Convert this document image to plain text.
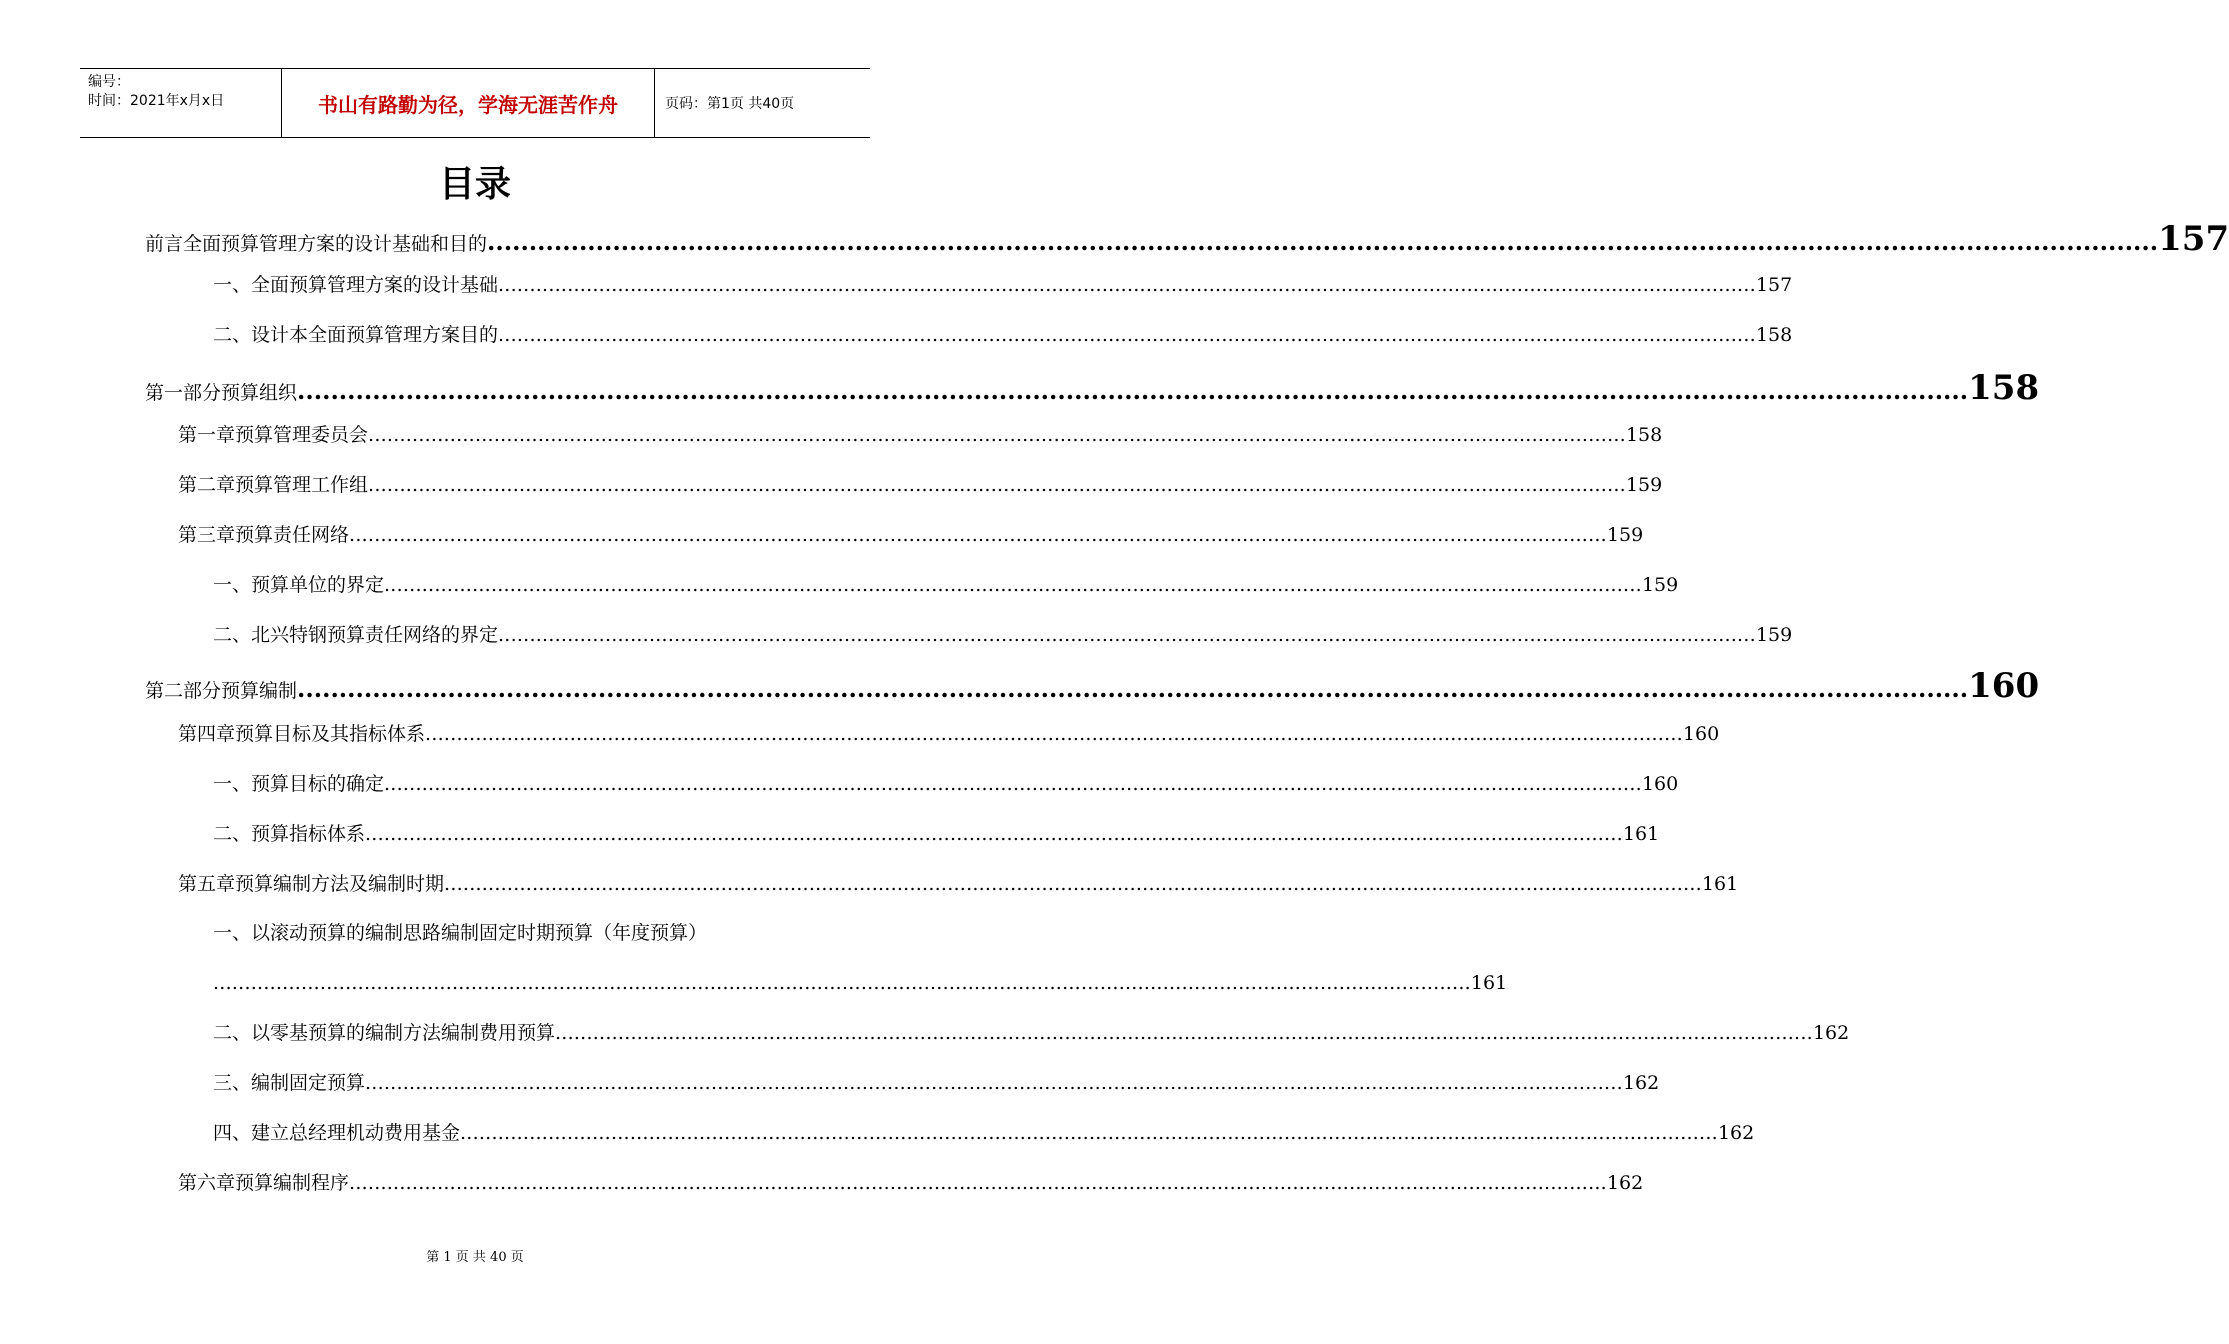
编号：
时间：2021年x月x日	书山有路勤为径，学海无涯苦作舟	页码：第1页 共40页
目录
前言 全面预算管理方案的设计基础和目的 ........................................................................................................................................................................................................ 157
一、全面预算管理方案的设计基础 ........................................................................................................................................................................................................ 157
二、设计本全面预算管理方案目的 ........................................................................................................................................................................................................ 158
第一部分 预算组织 ........................................................................................................................................................................................................ 158
第一章 预算管理委员会 ........................................................................................................................................................................................................ 158
第二章 预算管理工作组 ........................................................................................................................................................................................................ 159
第三章 预算责任网络 ........................................................................................................................................................................................................ 159
一、预算单位的界定 ........................................................................................................................................................................................................ 159
二、北兴特钢预算责任网络的界定 ........................................................................................................................................................................................................ 159
第二部分 预算编制 ........................................................................................................................................................................................................ 160
第四章 预算目标及其指标体系 ........................................................................................................................................................................................................ 160
一、预算目标的确定 ........................................................................................................................................................................................................ 160
二、预算指标体系 ........................................................................................................................................................................................................ 161
第五章 预算编制方法及编制时期 ........................................................................................................................................................................................................ 161
一、以滚动预算的编制思路编制固定时期预算（年度预算）
........................................................................................................................................................................................................ 161
二、以零基预算的编制方法编制费用预算 ........................................................................................................................................................................................................ 162
三、编制固定预算 ........................................................................................................................................................................................................ 162
四、建立总经理机动费用基金 ........................................................................................................................................................................................................ 162
第六章 预算编制程序 ........................................................................................................................................................................................................ 162
第 1 页 共 40 页
